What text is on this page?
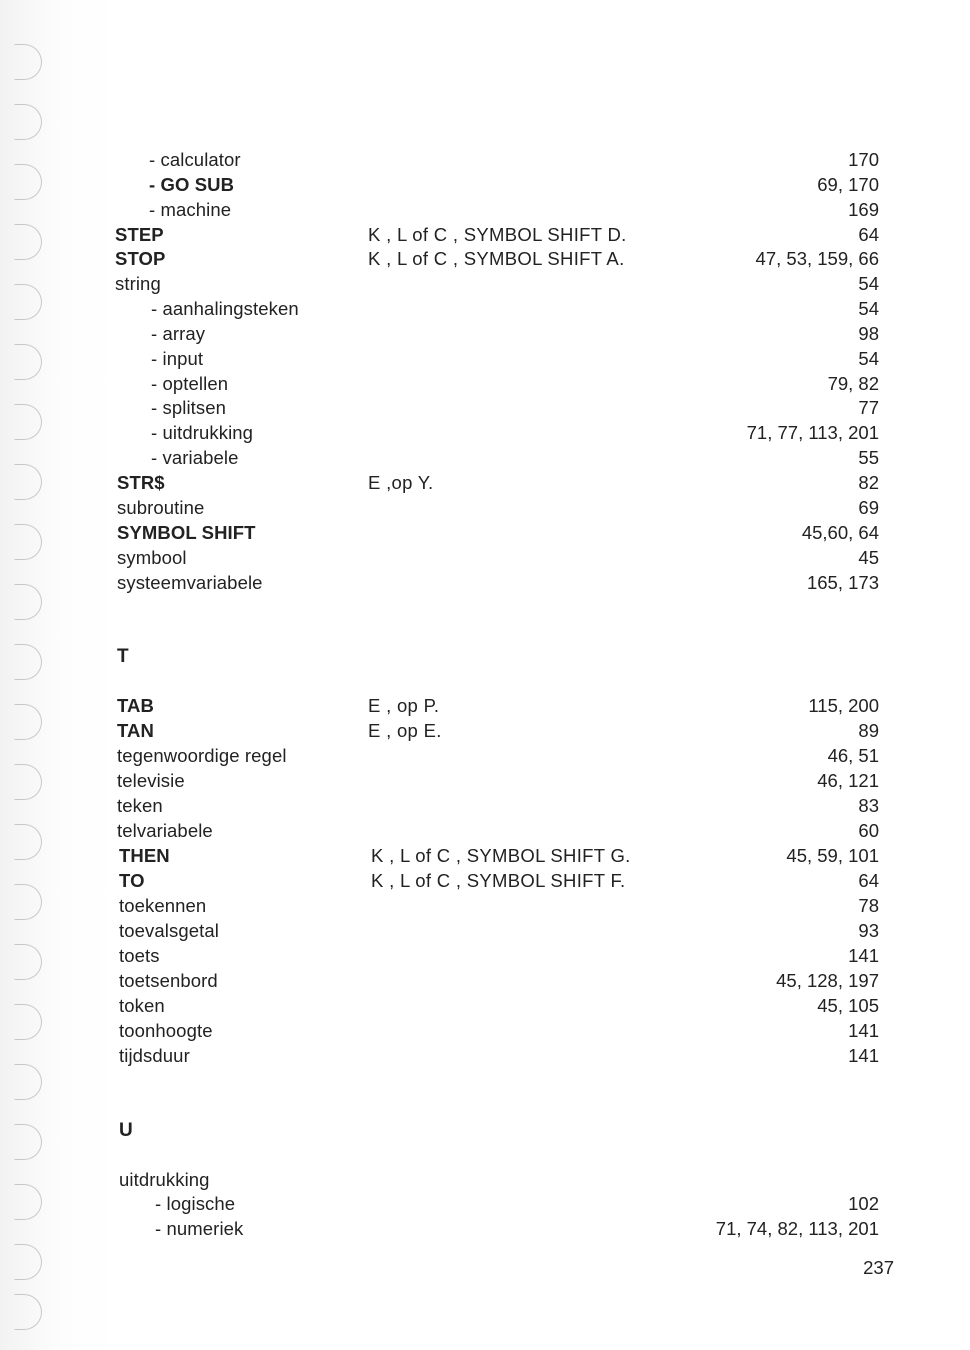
- calculator	170
- GO SUB	69, 170
- machine	169
STEP	K , L of C , SYMBOL SHIFT D.	64
STOP	K , L of C , SYMBOL SHIFT A.	47, 53, 159, 66
string	54
- aanhalingsteken	54
- array	98
- input	54
- optellen	79, 82
- splitsen	77
- uitdrukking	71, 77, 113, 201
- variabele	55
STR$	E ,op Y.	82
subroutine	69
SYMBOL SHIFT	45,60, 64
symbool	45
systeemvariabele	165, 173
T
TAB	E , op P.	115, 200
TAN	E , op E.	89
tegenwoordige regel	46, 51
televisie	46, 121
teken	83
telvariabele	60
THEN	K , L of C , SYMBOL SHIFT G.	45, 59, 101
TO	K , L of C , SYMBOL SHIFT F.	64
toekennen	78
toevalsgetal	93
toets	141
toetsenbord	45, 128, 197
token	45, 105
toonhoogte	141
tijdsduur	141
U
uitdrukking
- logische	102
- numeriek	71, 74, 82, 113, 201
237
